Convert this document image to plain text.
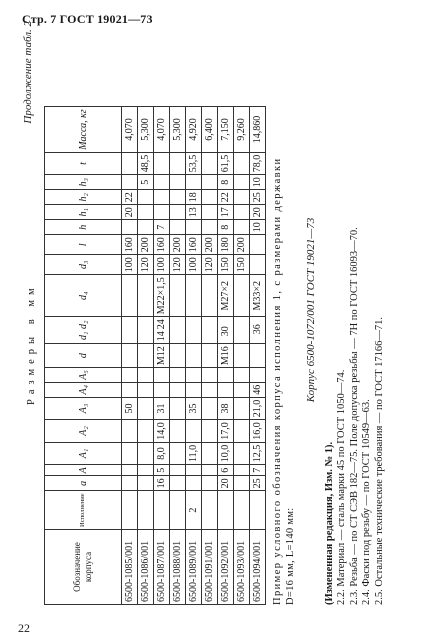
Стр. 7 ГОСТ 19021—73
Продолжение табл. 2
Обозначение корпуса	Исполнение	a	A	A₁	A₂	A₃	A₄	A₅	d	d₁ d₂	d₄	d₃	l	h	h₁	h₂	h₃	t	Масса, кг
6500-1085/001						50						100	160		20	22			4,070
6500-1086/001												120	200				5	48,5	5,300
6500-1087/001		16	5	8,0	14,0	31			M12	1424	M22×1,5	100	160	7					4,070
6500-1088/001												120	200						5,300
6500-1089/001	2			11,0		35						100	160		13	18		53,5	4,920
6500-1091/001												120	200						6,400
6500-1092/001		20	6	10,0	17,0	38			M16	30	M27×2	150	180	8	17	22	8	61,5	7,150
6500-1093/001												150	200						9,260
6500-1094/001		25	7	12,5	16,0	21,0	46			36	M33×2			10	20	25	10	78,0	14,860
Пример условного обозначения корпуса исполнения 1, с размерами державки D=16 мм, L=140 мм:
Корпус 6500-1072/001 ГОСТ 19021—73
(Измененная редакция, Изм. № 1). 2.2. Материал — сталь марки 45 по ГОСТ 1050—74. 2.3. Резьба — по СТ СЭВ 182—75. Поле допуска резьбы — 7H по ГОСТ 16093—70. 2.4. Фаски под резьбу — по ГОСТ 10549—63. 2.5. Остальные технические требования — по ГОСТ 17166—71.
Размеры в мм
22
